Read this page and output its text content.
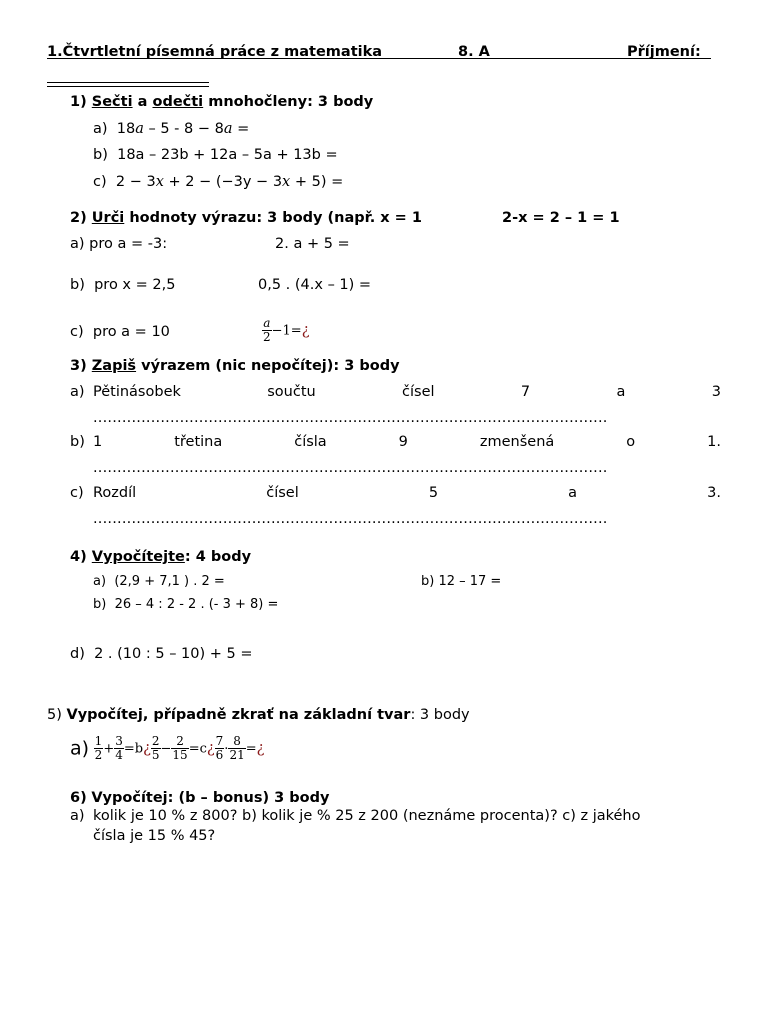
1.Čtvrtletní písemná práce z matematika	8. A	Příjmení:
1) Sečti a odečti mnohočleny: 3 body
a) 18a – 5 - 8 − 8a =
b) 18a – 23b + 12a – 5a + 13b =
c) 2 − 3x + 2 − (−3y − 3x + 5) =
2) Urči hodnoty výrazu: 3 body (např. x = 1	2-x = 2 – 1 = 1
a) pro a = -3:	2. a + 5 =
b) pro x = 2,5	0,5 . (4.x – 1) =
c) pro a = 10	$\frac{a}{2}$ −1=¿
3) Zapiš výrazem (nic nepočítej): 3 body
a) Pětinásobek	součtu	čísel	7	a	3
...........................................................................................................
b) 1	třetina	čísla	9	zmenšená	o	1.
...........................................................................................................
c) Rozdíl	čísel	5	a	3.
...........................................................................................................
4) Vypočítejte: 4 body
a) (2,9 + 7,1 ) . 2 =	b) 12 – 17 =
b) 26 – 4 : 2 - 2 . (- 3 + 8) =
d) 2 . (10 : 5 – 10) + 5 =
5) Vypočítej, případně zkrať na základní tvar: 3 body
$a) \frac{1}{2} + \frac{3}{4}$ =b¿ $\frac{2}{5} - \frac{2}{15}$ =c¿ $\frac{7}{6} \cdot \frac{8}{21}$ =¿
6) Vypočítej: (b – bonus) 3 body
a) kolik je 10 % z 800? b) kolik je % 25 z 200 (neznáme procenta)? c) z jakého
čísla je 15 % 45?
